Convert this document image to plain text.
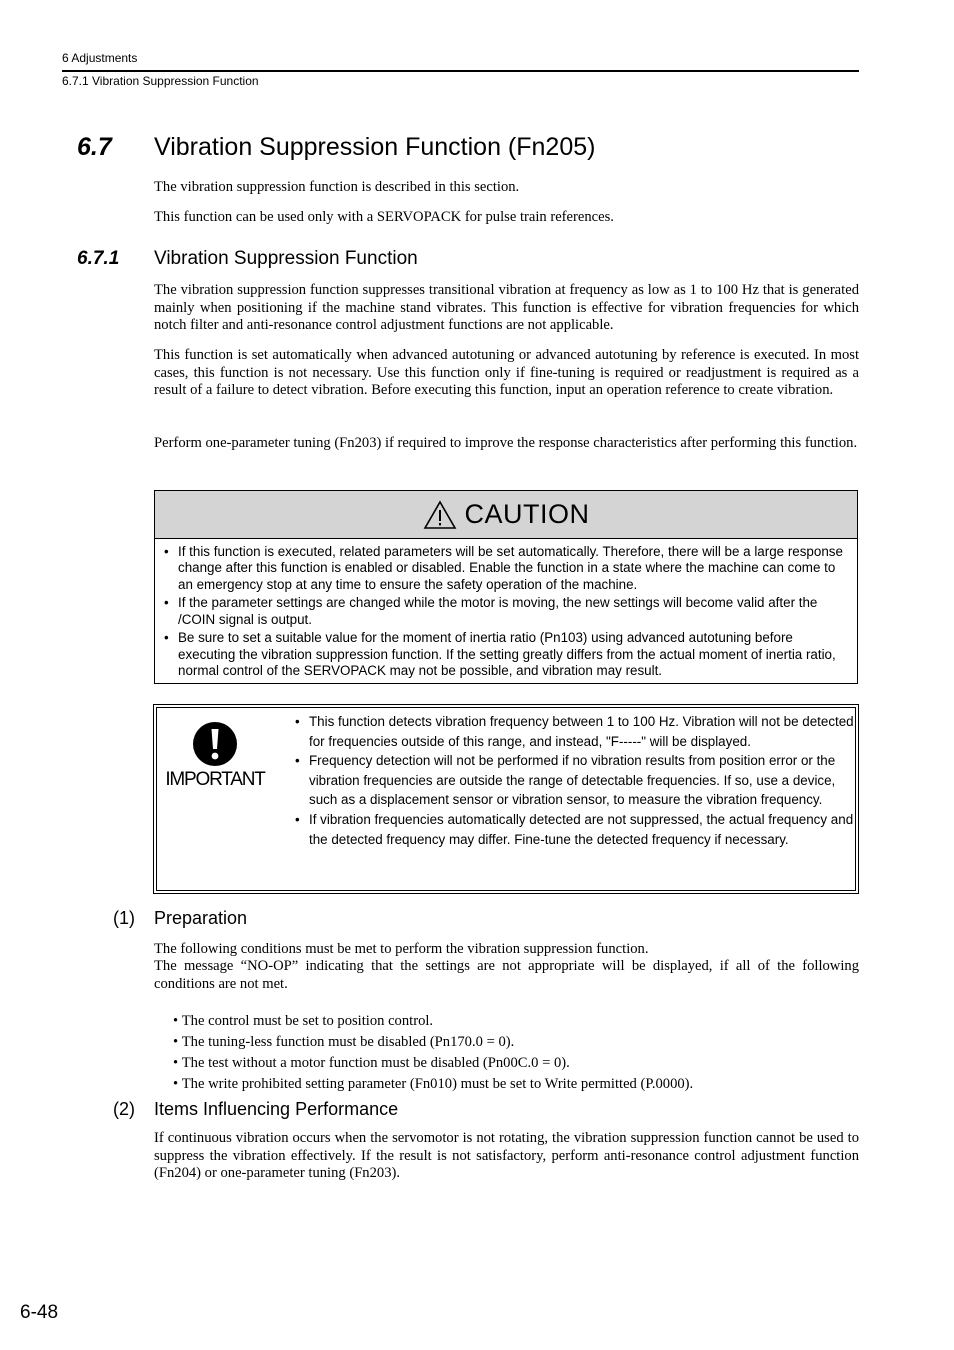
6 Adjustments
6.7.1 Vibration Suppression Function
6.7 Vibration Suppression Function (Fn205)
The vibration suppression function is described in this section.
This function can be used only with a SERVOPACK for pulse train references.
6.7.1 Vibration Suppression Function
The vibration suppression function suppresses transitional vibration at frequency as low as 1 to 100 Hz that is generated mainly when positioning if the machine stand vibrates. This function is effective for vibration frequencies for which notch filter and anti-resonance control adjustment functions are not applicable.
This function is set automatically when advanced autotuning or advanced autotuning by reference is executed. In most cases, this function is not necessary. Use this function only if fine-tuning is required or readjustment is required as a result of a failure to detect vibration. Before executing this function, input an operation reference to create vibration.
Perform one-parameter tuning (Fn203) if required to improve the response characteristics after performing this function.
CAUTION
• If this function is executed, related parameters will be set automatically. Therefore, there will be a large response change after this function is enabled or disabled. Enable the function in a state where the machine can come to an emergency stop at any time to ensure the safety operation of the machine.
• If the parameter settings are changed while the motor is moving, the new settings will become valid after the /COIN signal is output.
• Be sure to set a suitable value for the moment of inertia ratio (Pn103) using advanced autotuning before executing the vibration suppression function. If the setting greatly differs from the actual moment of inertia ratio, normal control of the SERVOPACK may not be possible, and vibration may result.
IMPORTANT
• This function detects vibration frequency between 1 to 100 Hz. Vibration will not be detected for frequencies outside of this range, and instead, "F-----" will be displayed.
• Frequency detection will not be performed if no vibration results from position error or the vibration frequencies are outside the range of detectable frequencies. If so, use a device, such as a displacement sensor or vibration sensor, to measure the vibration frequency.
• If vibration frequencies automatically detected are not suppressed, the actual frequency and the detected frequency may differ. Fine-tune the detected frequency if necessary.
(1) Preparation
The following conditions must be met to perform the vibration suppression function.
The message “NO-OP” indicating that the settings are not appropriate will be displayed, if all of the following conditions are not met.
• The control must be set to position control.
• The tuning-less function must be disabled (Pn170.0 = 0).
• The test without a motor function must be disabled (Pn00C.0 = 0).
• The write prohibited setting parameter (Fn010) must be set to Write permitted (P.0000).
(2) Items Influencing Performance
If continuous vibration occurs when the servomotor is not rotating, the vibration suppression function cannot be used to suppress the vibration effectively. If the result is not satisfactory, perform anti-resonance control adjustment function (Fn204) or one-parameter tuning (Fn203).
6-48
